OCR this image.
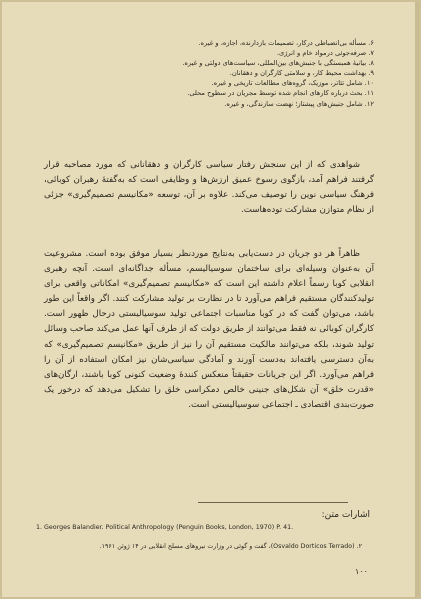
۶. مسأله بی‌انضباطی درکار، تصمیمات بازدارنده، اجازه، و غیره.
۷. صرفه‌جوئی درمواد خام و انرژی.
۸. بیانیهٔ همبستگی با جنبش‌های بین‌المللی، سیاست‌های دولتی و غیره.
۹. بهداشت محیط کار، و سلامتی کارگران و دهقانان.
۱۰. شامل تئاتر، موزیک، گروه‌های مطالعات تاریخی و غیره.
۱۱. بحث درباره کارهای انجام شده توسط مجریان در سطوح محلی.
۱۲. شامل جنبش‌های پیشتاز؛ نهضت سازندگی، و غیره.

شواهدی که از این سنجش رفتار سیاسی کارگران و دهقانانی که مورد مصاحبه قرار گرفتند فراهم آمد، بازگوی رسوخ عمیق ارزش‌ها و وظایفی است که به‌گفتهٔ رهبران کوبائی، فرهنگ سیاسی نوین را توصیف می‌کند. علاوه بر آن، توسعه «مکانیسم تصمیم‌گیری» جزئی از نظام متوازن مشارکت توده‌هاست.

ظاهراً هر دو جریان در دست‌یابی به‌نتایج موردنظر بسیار موفق بوده است. مشروعیت آن به‌عنوان وسیله‌ای برای ساختمان سوسیالیسم، مسأله جداگانه‌ای است. آنچه رهبری انقلابی کوبا رسماً اعلام داشته این است که «مکانیسم تصمیم‌گیری» امکاناتی واقعی برای تولیدکنندگان مستقیم فراهم می‌آورد تا در نظارت بر تولید مشارکت کنند. اگر واقعاً این طور باشد، می‌توان گفت که در کوبا مناسبات اجتماعی تولید سوسیالیستی درحال ظهور است. کارگران کوبائی نه فقط می‌توانند از طریق دولت که از طرف آنها عمل می‌کند صاحب وسائل تولید شوند، بلکه می‌توانند مالکیت مستقیم آن را نیز از طریق «مکانیسم تصمیم‌گیری» که به‌آن دسترسی یافته‌اند به‌دست آورند و آمادگی سیاسی‌شان نیز امکان استفاده از آن را فراهم می‌آورد. اگر این جریانات حقیقتاً منعکس کنندهٔ وضعیت کنونی کوبا باشند، ارگان‌های «قدرت خلق» آن شکل‌های جنینی خالص دمکراسی خلق را تشکیل می‌دهد که درخور یک صورت‌بندی اقتصادی ـ اجتماعی سوسیالیستی است.

اشارات متن:
1. Georges Balandier. Political Anthropology (Penguin Books, London, 1970) P. 41.
۲. (Osvaldo Dorticos Terrado)، گفت و گوئی در وزارت نیروهای مسلح انقلابی در ۱۴ ژوئن ۱۹۶۱.
۱۰۰
